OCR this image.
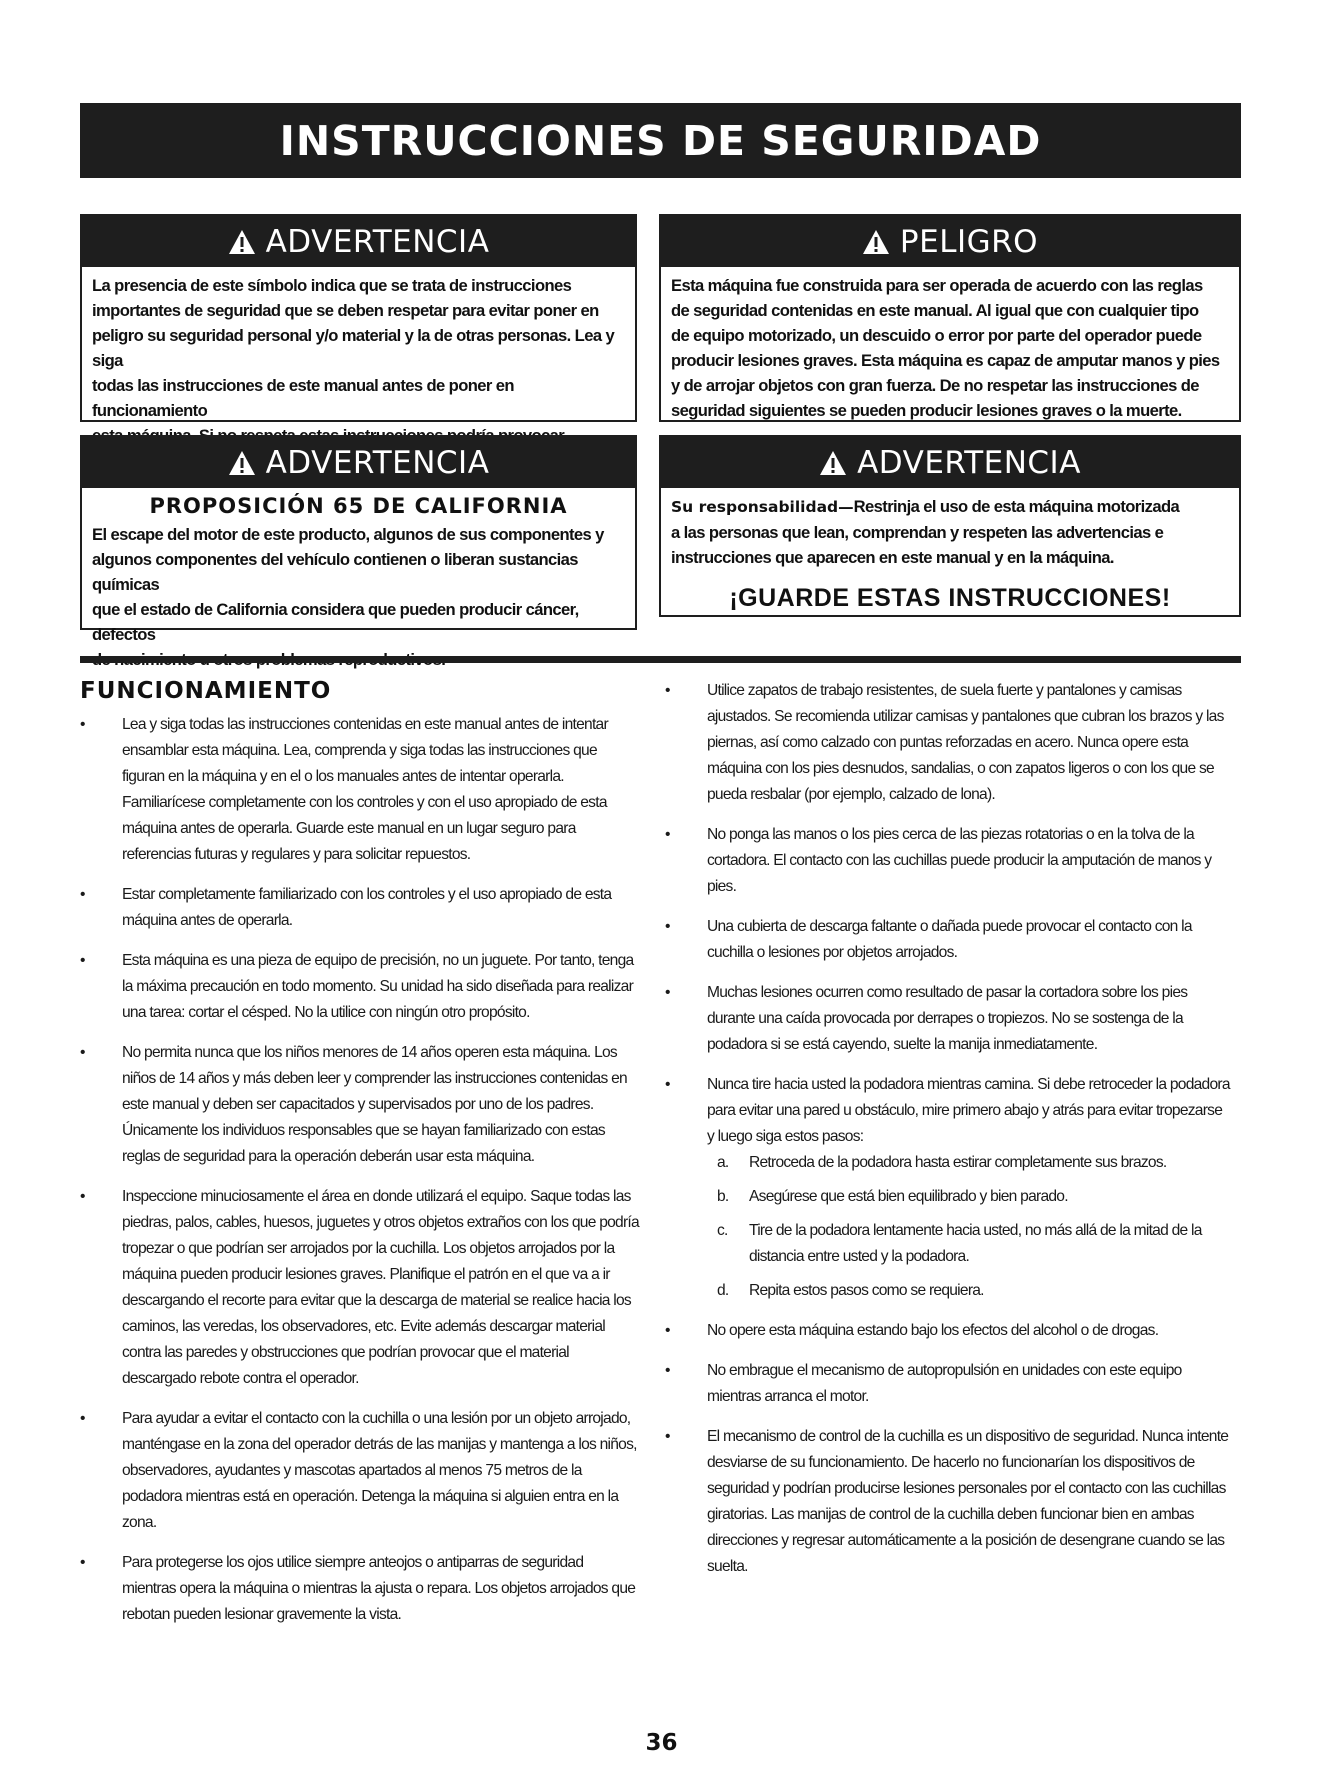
INSTRUCCIONES DE SEGURIDAD
ADVERTENCIA
La presencia de este símbolo indica que se trata de instrucciones
importantes de seguridad que se deben respetar para evitar poner en
peligro su seguridad personal y/o material y la de otras personas. Lea y siga
todas las instrucciones de este manual antes de poner en funcionamiento
PELIGRO
Esta máquina fue construida para ser operada de acuerdo con las reglas
de seguridad contenidas en este manual. Al igual que con cualquier tipo
de equipo motorizado, un descuido o error por parte del operador puede
producir lesiones graves. Esta máquina es capaz de amputar manos y pies
y de arrojar objetos con gran fuerza. De no respetar las instrucciones de
seguridad siguientes se pueden producir lesiones graves o la muerte.
ADVERTENCIA
PROPOSICIÓN 65 DE CALIFORNIA
El escape del motor de este producto, algunos de sus componentes y
algunos componentes del vehículo contienen o liberan sustancias químicas
que el estado de California considera que pueden producir cáncer, defectos
ADVERTENCIA
Su responsabilidad—Restrinja el uso de esta máquina motorizada
a las personas que lean, comprendan y respeten las advertencias e
instrucciones que aparecen en este manual y en la máquina.
¡GUARDE ESTAS INSTRUCCIONES!
FUNCIONAMIENTO
• Lea y siga todas las instrucciones contenidas en este manual antes de intentar ensamblar esta máquina. Lea, comprenda y siga todas las instrucciones que figuran en la máquina y en el o los manuales antes de intentar operarla. Familiarícese completamente con los controles y con el uso apropiado de esta máquina antes de operarla. Guarde este manual en un lugar seguro para referencias futuras y regulares y para solicitar repuestos.
• Estar completamente familiarizado con los controles y el uso apropiado de esta máquina antes de operarla.
• Esta máquina es una pieza de equipo de precisión, no un juguete. Por tanto, tenga la máxima precaución en todo momento. Su unidad ha sido diseñada para realizar una tarea: cortar el césped. No la utilice con ningún otro propósito.
• No permita nunca que los niños menores de 14 años operen esta máquina. Los niños de 14 años y más deben leer y comprender las instrucciones contenidas en este manual y deben ser capacitados y supervisados por uno de los padres. Únicamente los individuos responsables que se hayan familiarizado con estas reglas de seguridad para la operación deberán usar esta máquina.
• Inspeccione minuciosamente el área en donde utilizará el equipo. Saque todas las piedras, palos, cables, huesos, juguetes y otros objetos extraños con los que podría tropezar o que podrían ser arrojados por la cuchilla. Los objetos arrojados por la máquina pueden producir lesiones graves. Planifique el patrón en el que va a ir descargando el recorte para evitar que la descarga de material se realice hacia los caminos, las veredas, los observadores, etc. Evite además descargar material contra las paredes y obstrucciones que podrían provocar que el material descargado rebote contra el operador.
• Para ayudar a evitar el contacto con la cuchilla o una lesión por un objeto arrojado, manténgase en la zona del operador detrás de las manijas y mantenga a los niños, observadores, ayudantes y mascotas apartados al menos 75 metros de la podadora mientras está en operación. Detenga la máquina si alguien entra en la zona.
• Para protegerse los ojos utilice siempre anteojos o antiparras de seguridad mientras opera la máquina o mientras la ajusta o repara. Los objetos arrojados que rebotan pueden lesionar gravemente la vista.
• Utilice zapatos de trabajo resistentes, de suela fuerte y pantalones y camisas ajustados. Se recomienda utilizar camisas y pantalones que cubran los brazos y las piernas, así como calzado con puntas reforzadas en acero. Nunca opere esta máquina con los pies desnudos, sandalias, o con zapatos ligeros o con los que se pueda resbalar (por ejemplo, calzado de lona).
• No ponga las manos o los pies cerca de las piezas rotatorias o en la tolva de la cortadora. El contacto con las cuchillas puede producir la amputación de manos y pies.
• Una cubierta de descarga faltante o dañada puede provocar el contacto con la cuchilla o lesiones por objetos arrojados.
• Muchas lesiones ocurren como resultado de pasar la cortadora sobre los pies durante una caída provocada por derrapes o tropiezos. No se sostenga de la podadora si se está cayendo, suelte la manija inmediatamente.
• Nunca tire hacia usted la podadora mientras camina. Si debe retroceder la podadora para evitar una pared u obstáculo, mire primero abajo y atrás para evitar tropezarse y luego siga estos pasos:
a. Retroceda de la podadora hasta estirar completamente sus brazos.
b. Asegúrese que está bien equilibrado y bien parado.
c. Tire de la podadora lentamente hacia usted, no más allá de la mitad de la distancia entre usted y la podadora.
d. Repita estos pasos como se requiera.
• No opere esta máquina estando bajo los efectos del alcohol o de drogas.
• No embrague el mecanismo de autopropulsión en unidades con este equipo mientras arranca el motor.
• El mecanismo de control de la cuchilla es un dispositivo de seguridad. Nunca intente desviarse de su funcionamiento. De hacerlo no funcionarían los dispositivos de seguridad y podrían producirse lesiones personales por el contacto con las cuchillas giratorias. Las manijas de control de la cuchilla deben funcionar bien en ambas direcciones y regresar automáticamente a la posición de desengrane cuando se las suelta.
36
